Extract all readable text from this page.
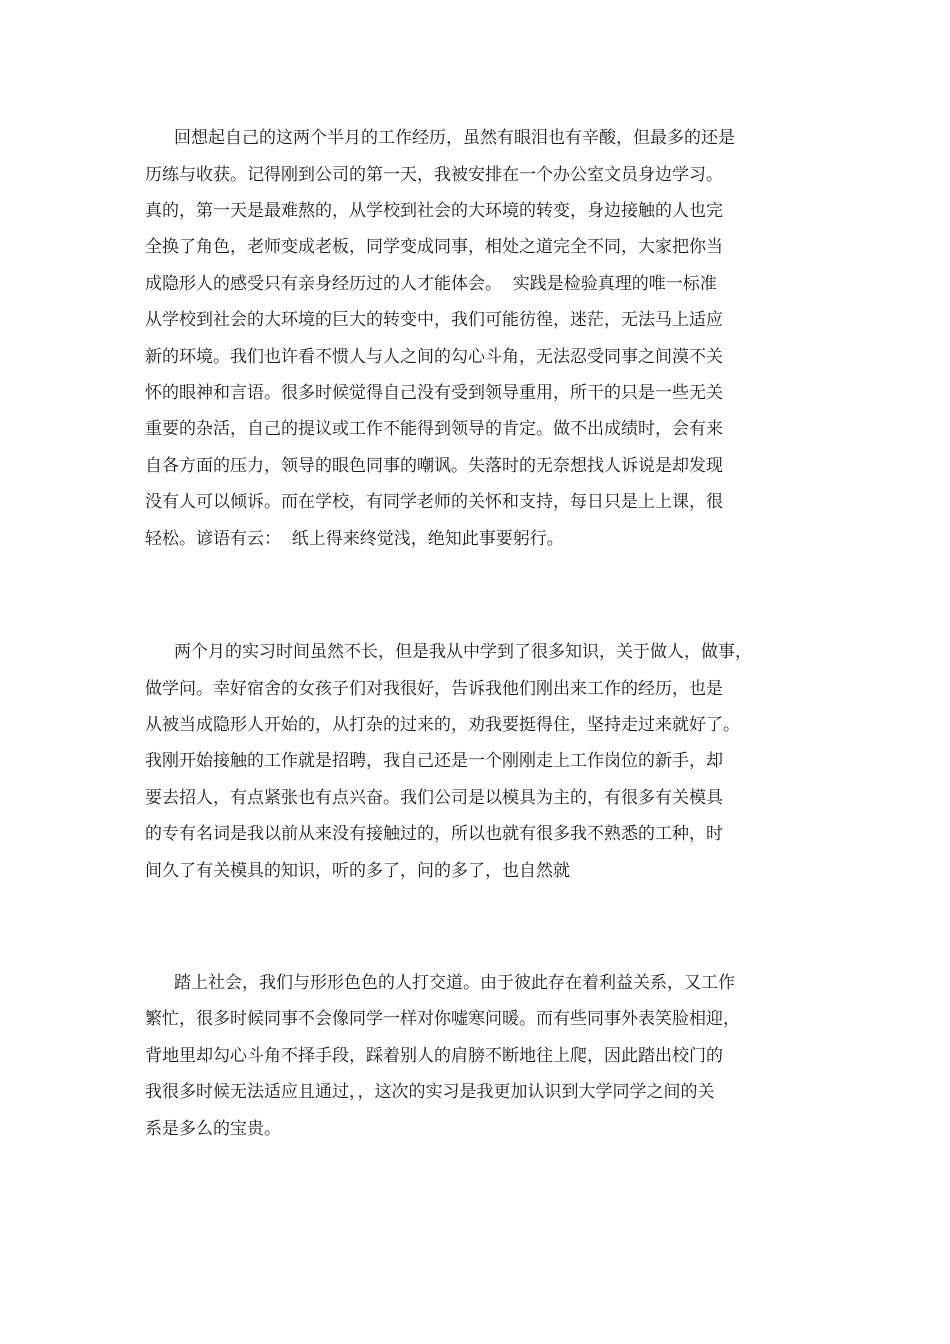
回想起自己的这两个半月的工作经历，虽然有眼泪也有辛酸，但最多的还是
历练与收获。记得刚到公司的第一天，我被安排在一个办公室文员身边学习。
真的，第一天是最难熬的，从学校到社会的大环境的转变，身边接触的人也完
全换了角色，老师变成老板，同学变成同事，相处之道完全不同，大家把你当
成隐形人的感受只有亲身经历过的人才能体会。  实践是检验真理的唯一标准
从学校到社会的大环境的巨大的转变中，我们可能彷徨，迷茫，无法马上适应
新的环境。我们也许看不惯人与人之间的勾心斗角，无法忍受同事之间漠不关
怀的眼神和言语。很多时候觉得自己没有受到领导重用，所干的只是一些无关
重要的杂活，自己的提议或工作不能得到领导的肯定。做不出成绩时，会有来
自各方面的压力，领导的眼色同事的嘲讽。失落时的无奈想找人诉说是却发现
没有人可以倾诉。而在学校，有同学老师的关怀和支持，每日只是上上课，很
轻松。谚语有云：  纸上得来终觉浅，绝知此事要躬行。
两个月的实习时间虽然不长，但是我从中学到了很多知识，关于做人，做事，
做学问。幸好宿舍的女孩子们对我很好，告诉我他们刚出来工作的经历，也是
从被当成隐形人开始的，从打杂的过来的，劝我要挺得住，坚持走过来就好了。
我刚开始接触的工作就是招聘，我自己还是一个刚刚走上工作岗位的新手，却
要去招人，有点紧张也有点兴奋。我们公司是以模具为主的，有很多有关模具
的专有名词是我以前从来没有接触过的，所以也就有很多我不熟悉的工种，时
间久了有关模具的知识，听的多了，问的多了，也自然就
踏上社会，我们与形形色色的人打交道。由于彼此存在着利益关系，又工作
繁忙，很多时候同事不会像同学一样对你嘘寒问暖。而有些同事外表笑脸相迎，
背地里却勾心斗角不择手段，踩着别人的肩膀不断地往上爬，因此踏出校门的
我很多时候无法适应且通过，，这次的实习是我更加认识到大学同学之间的关
系是多么的宝贵。
